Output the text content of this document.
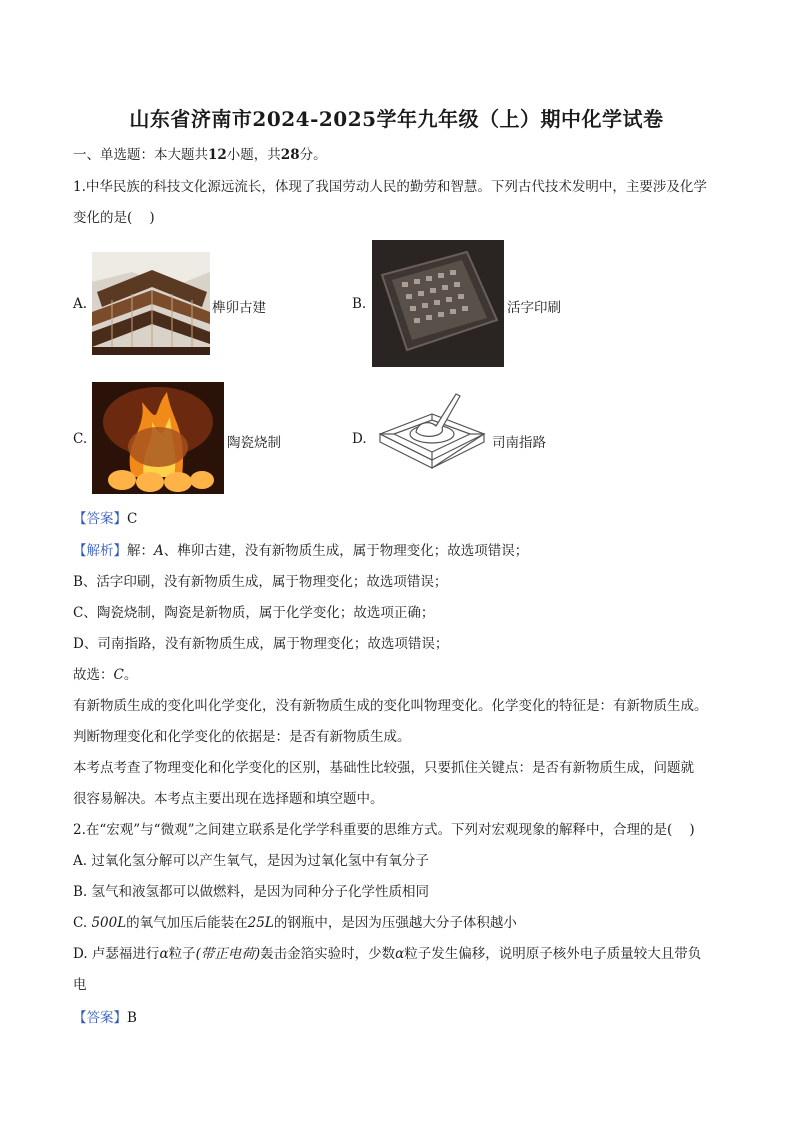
山东省济南市2024-2025学年九年级（上）期中化学试卷
一、单选题：本大题共12小题，共28分。
1.中华民族的科技文化源远流长，体现了我国劳动人民的勤劳和智慧。下列古代技术发明中，主要涉及化学
变化的是(    )
A.	榫卯古建	B.	活字印刷
C.	陶瓷烧制	D.	司南指路
【答案】C
【解析】解：A、榫卯古建，没有新物质生成，属于物理变化；故选项错误；
B、活字印刷，没有新物质生成，属于物理变化；故选项错误；
C、陶瓷烧制，陶瓷是新物质，属于化学变化；故选项正确；
D、司南指路，没有新物质生成，属于物理变化；故选项错误；
故选：C。
有新物质生成的变化叫化学变化，没有新物质生成的变化叫物理变化。化学变化的特征是：有新物质生成。
判断物理变化和化学变化的依据是：是否有新物质生成。
本考点考查了物理变化和化学变化的区别，基础性比较强，只要抓住关键点：是否有新物质生成，问题就
很容易解决。本考点主要出现在选择题和填空题中。
2.在“宏观”与“微观”之间建立联系是化学学科重要的思维方式。下列对宏观现象的解释中，合理的是(    )
A. 过氧化氢分解可以产生氧气，是因为过氧化氢中有氧分子
B. 氢气和液氢都可以做燃料，是因为同种分子化学性质相同
C. 500L的氧气加压后能装在25L的钢瓶中，是因为压强越大分子体积越小
D. 卢瑟福进行α粒子(带正电荷)轰击金箔实验时，少数α粒子发生偏移，说明原子核外电子质量较大且带负
电
【答案】B
